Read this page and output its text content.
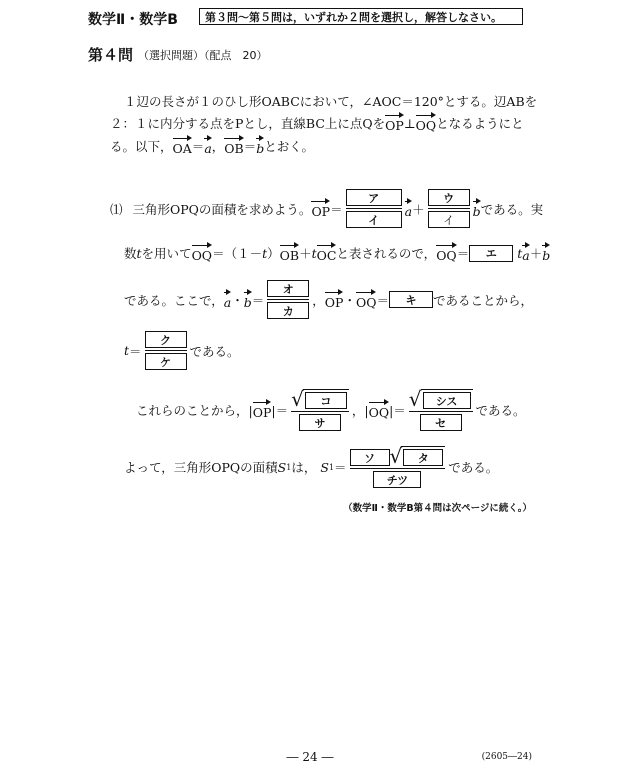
数学Ⅱ・数学B 第３問～第５問は，いずれか２問を選択し，解答しなさい。
第４問 （選択問題）（配点　20）
１辺の長さが１のひし形OABCにおいて，∠AOC＝120°とする。辺ABを
２：１に内分する点をPとし，直線BC上に点Qを OP ⊥ OQ となるようにと
る。以下， OA ＝ a ， OB ＝ b とおく。
⑴ 三角形OPQの面積を求めよう。 OP ＝ $\frac{\text{ア}}{\text{イ}}$ $a + \frac{\text{ウ}}{\text{イ}}$ b である。実
数 t を用いて OQ ＝（１－ t ） OB ＋ t OC と表されるので， OQ ＝	エ	t a ＋ b
である。ここで， a ・ $b = \frac{\text{オ}}{\text{カ}}$ ， OP ・ OQ ＝	キ	であることから，
$t = \frac{\text{ク}}{\text{ケ}}$ である。
これらのことから，| OP |＝ √	コ
サ ，| OQ |＝ √	シス
セ である。
よって，三角形OPQの面積 S 1 は， S 1 ＝ ソ √	タ
チツ である。
（数学Ⅱ・数学B第４問は次ページに続く。）
― 24 ―	(2605―24)
